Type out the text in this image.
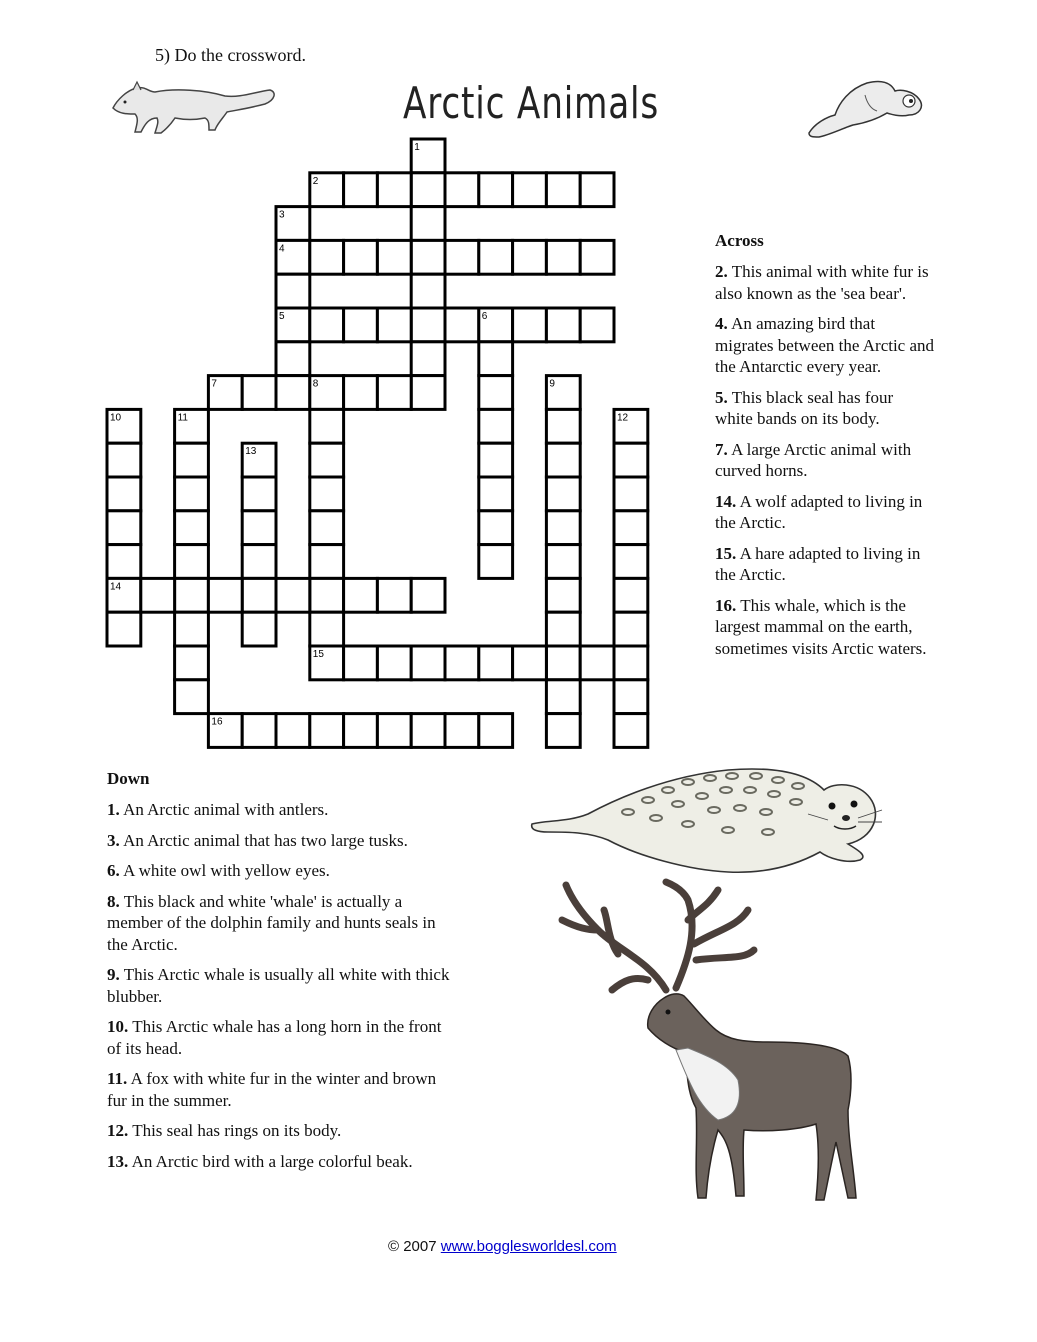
5) Do the crossword.
Arctic Animals
1
2
3
4
5	6
7	8	9
10	11	12
13
14
15
16
Across
2. This animal with white fur is also known as the 'sea bear'.
4. An amazing bird that migrates between the Arctic and the Antarctic every year.
5. This black seal has four white bands on its body.
7. A large Arctic animal with curved horns.
14. A wolf adapted to living in the Arctic.
15. A hare adapted to living in the Arctic.
16. This whale, which is the largest mammal on the earth, sometimes visits Arctic waters.
Down
1. An Arctic animal with antlers.
3. An Arctic animal that has two large tusks.
6. A white owl with yellow eyes.
8. This black and white 'whale' is actually a member of the dolphin family and hunts seals in the Arctic.
9. This Arctic whale is usually all white with thick blubber.
10. This Arctic whale has a long horn in the front of its head.
11. A fox with white fur in the winter and brown fur in the summer.
12. This seal has rings on its body.
13. An Arctic bird with a large colorful beak.
© 2007 www.bogglesworldesl.com
